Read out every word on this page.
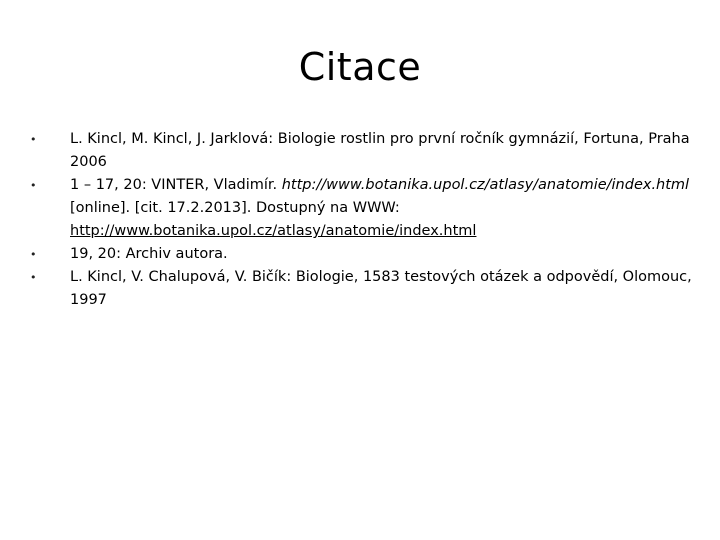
Citace
•	L. Kincl, M. Kincl, J. Jarklová: Biologie rostlin pro první ročník gymnázií, Fortuna, Praha 2006
•	1 – 17, 20: VINTER, Vladimír. http://www.botanika.upol.cz/atlasy/anatomie/index.html [online]. [cit. 17.2.2013]. Dostupný na WWW: http://www.botanika.upol.cz/atlasy/anatomie/index.html
•	19, 20: Archiv autora.
•	L. Kincl, V. Chalupová, V. Bičík: Biologie, 1583 testových otázek a odpovědí, Olomouc, 1997
